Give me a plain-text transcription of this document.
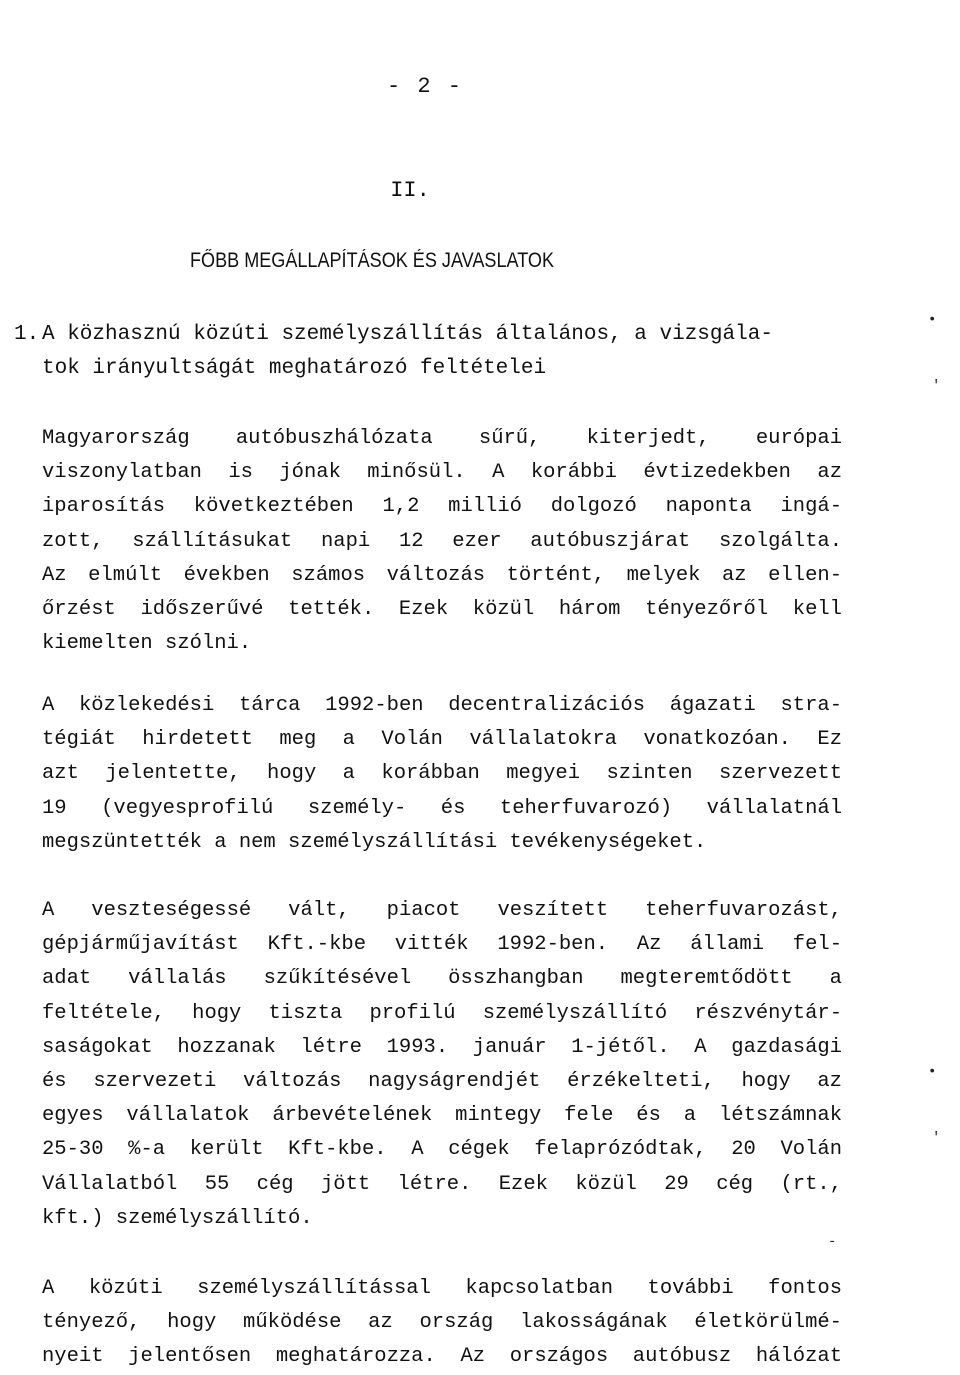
- 2 -
II.
FŐBB MEGÁLLAPÍTÁSOK ÉS JAVASLATOK
1. A közhasznú közúti személyszállítás általános, a vizsgála-
tok irányultságát meghatározó feltételei
Magyarország autóbuszhálózata sűrű, kiterjedt, európai
viszonylatban is jónak minősül. A korábbi évtizedekben az
iparosítás következtében 1,2 millió dolgozó naponta ingá-
zott, szállításukat napi 12 ezer autóbuszjárat szolgálta.
Az elmúlt években számos változás történt, melyek az ellen-
őrzést időszerűvé tették. Ezek közül három tényezőről kell
kiemelten szólni.
A közlekedési tárca 1992-ben decentralizációs ágazati stra-
tégiát hirdetett meg a Volán vállalatokra vonatkozóan. Ez
azt jelentette, hogy a korábban megyei szinten szervezett
19 (vegyesprofilú személy- és teherfuvarozó) vállalatnál
megszüntették a nem személyszállítási tevékenységeket.
A veszteségessé vált, piacot veszített teherfuvarozást,
gépjárműjavítást Kft.-kbe vitték 1992-ben. Az állami fel-
adat vállalás szűkítésével összhangban megteremtődött a
feltétele, hogy tiszta profilú személyszállító részvénytár-
saságokat hozzanak létre 1993. január 1-jétől. A gazdasági
és szervezeti változás nagyságrendjét érzékelteti, hogy az
egyes vállalatok árbevételének mintegy fele és a létszámnak
25-30 %-a került Kft-kbe. A cégek felaprózódtak, 20 Volán
Vállalatból 55 cég jött létre. Ezek közül 29 cég (rt.,
kft.) személyszállító.
A közúti személyszállítással kapcsolatban további fontos
tényező, hogy működése az ország lakosságának életkörülmé-
nyeit jelentősen meghatározza. Az országos autóbusz hálózat
•
'
•
'
-
